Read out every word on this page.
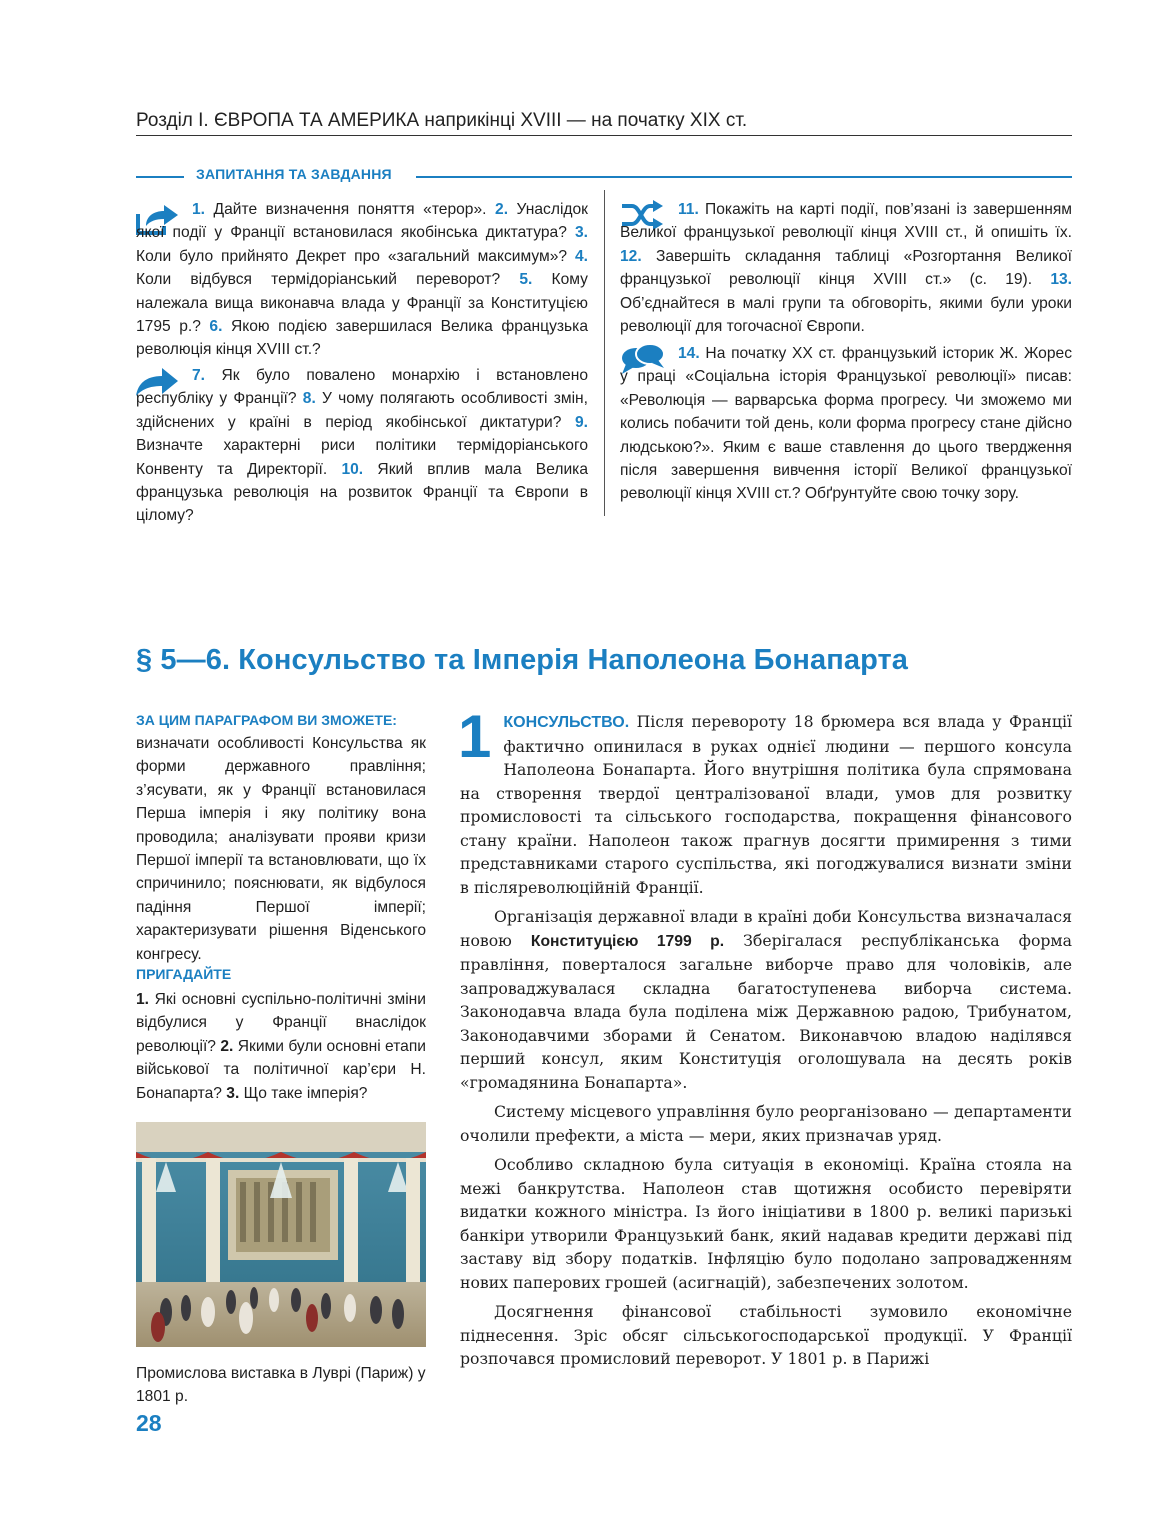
Розділ І. ЄВРОПА ТА АМЕРИКА наприкінці XVIII — на початку XIX ст.
ЗАПИТАННЯ ТА ЗАВДАННЯ
1. Дайте визначення поняття «терор». 2. Унаслідок якої події у Франції встановилася якобінська диктатура? 3. Коли було прийнято Декрет про «загальний максимум»? 4. Коли відбувся термідоріанський переворот? 5. Кому належала вища виконавча влада у Франції за Конституцією 1795 р.? 6. Якою подією завершилася Велика французька революція кінця XVIII ст.?
7. Як було повалено монархію і встановлено республіку у Франції? 8. У чому полягають особливості змін, здійснених у країні в період якобінської диктатури? 9. Визначте характерні риси політики термідоріанського Конвенту та Директорії. 10. Який вплив мала Велика французька революція на розвиток Франції та Європи в цілому?
11. Покажіть на карті події, пов’язані із завершенням Великої французької революції кінця XVIII ст., й опишіть їх. 12. Завершіть складання таблиці «Розгортання Великої французької революції кінця XVIII ст.» (с. 19). 13. Об’єднайтеся в малі групи та обговоріть, якими були уроки революції для тогочасної Європи.
14. На початку XX ст. французький історик Ж. Жорес у праці «Соціальна історія Французької революції» писав: «Революція — варварська форма прогресу. Чи зможемо ми колись побачити той день, коли форма прогресу стане дійсно людською?». Яким є ваше ставлення до цього твердження після завершення вивчення історії Великої французької революції кінця XVIII ст.? Обґрунтуйте свою точку зору.
§ 5—6. Консульство та Імперія Наполеона Бонапарта
ЗА ЦИМ ПАРАГРАФОМ ВИ ЗМОЖЕТЕ:
визначати особливості Консульства як форми державного правління; з’ясувати, як у Франції встановилася Перша імперія і яку політику вона проводила; аналізувати прояви кризи Першої імперії та встановлювати, що їх спричинило; пояснювати, як відбулося падіння Першої імперії; характеризувати рішення Віденського конгресу.
ПРИГАДАЙТЕ
1. Які основні суспільно-політичні зміни відбулися у Франції внаслідок революції? 2. Якими були основні етапи військової та політичної кар’єри Н. Бонапарта? 3. Що таке імперія?
Промислова виставка в Луврі (Париж) у 1801 р.

1 КОНСУЛЬСТВО. Після перевороту 18 брюмера вся влада у Франції фактично опинилася в руках однієї людини — першого консула Наполеона Бонапарта. Його внутрішня політика була спрямована на створення твердої централізованої влади, умов для розвитку промисловості та сільського господарства, покращення фінансового стану країни. Наполеон також прагнув досягти примирення з тими представниками старого суспільства, які погоджувалися визнати зміни в післяреволюційній Франції.

Організація державної влади в країні доби Консульства визначалася новою Конституцією 1799 р. Зберігалася республіканська форма правління, поверталося загальне виборче право для чоловіків, але запроваджувалася складна багатоступенева виборча система. Законодавча влада була поділена між Державною радою, Трибунатом, Законодавчими зборами й Сенатом. Виконавчою владою наділявся перший консул, яким Конституція оголошувала на десять років «громадянина Бонапарта».

Систему місцевого управління було реорганізовано — департаменти очолили префекти, а міста — мери, яких призначав уряд.

Особливо складною була ситуація в економіці. Країна стояла на межі банкрутства. Наполеон став щотижня особисто перевіряти видатки кожного міністра. Із його ініціативи в 1800 р. великі паризькі банкіри утворили Французький банк, який надавав кредити державі під заставу від збору податків. Інфляцію було подолано запровадженням нових паперових грошей (асигнацій), забезпечених золотом.

Досягнення фінансової стабільності зумовило економічне піднесення. Зріс обсяг сільськогосподарської продукції. У Франції розпочався промисловий переворот. У 1801 р. в Парижі

28
